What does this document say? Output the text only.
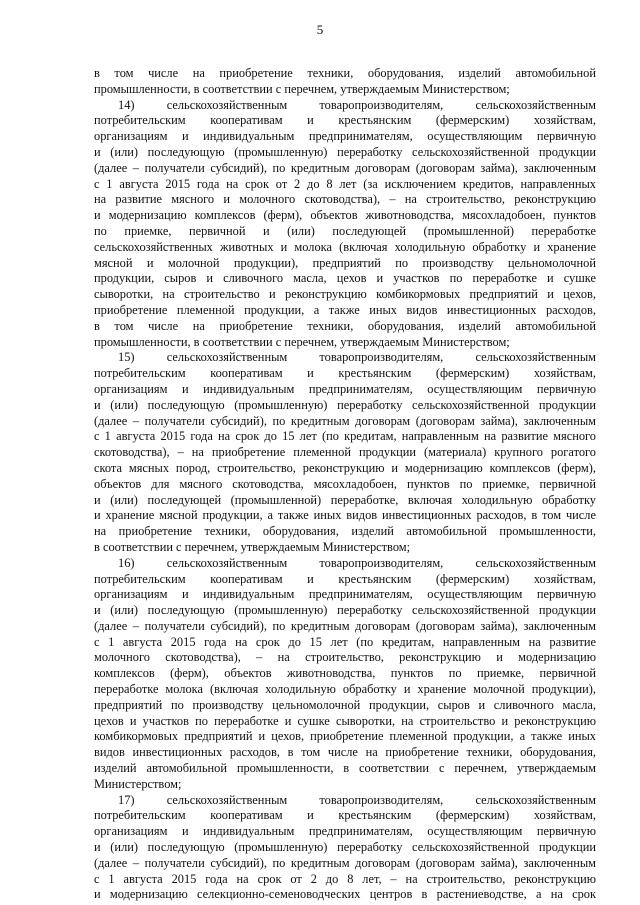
5

в том числе на приобретение техники, оборудования, изделий автомобильной
промышленности, в соответствии с перечнем, утверждаемым Министерством;

14) сельскохозяйственным товаропроизводителям, сельскохозяйственным
потребительским кооперативам и крестьянским (фермерским) хозяйствам,
организациям и индивидуальным предпринимателям, осуществляющим первичную
и (или) последующую (промышленную) переработку сельскохозяйственной продукции
(далее – получатели субсидий), по кредитным договорам (договорам займа), заключенным
с 1 августа 2015 года на срок от 2 до 8 лет (за исключением кредитов, направленных
на развитие мясного и молочного скотоводства), – на строительство, реконструкцию
и модернизацию комплексов (ферм), объектов животноводства, мясохладобоен, пунктов
по приемке, первичной и (или) последующей (промышленной) переработке
сельскохозяйственных животных и молока (включая холодильную обработку и хранение
мясной и молочной продукции), предприятий по производству цельномолочной
продукции, сыров и сливочного масла, цехов и участков по переработке и сушке
сыворотки, на строительство и реконструкцию комбикормовых предприятий и цехов,
приобретение племенной продукции, а также иных видов инвестиционных расходов,
в том числе на приобретение техники, оборудования, изделий автомобильной
промышленности, в соответствии с перечнем, утверждаемым Министерством;

15) сельскохозяйственным товаропроизводителям, сельскохозяйственным
потребительским кооперативам и крестьянским (фермерским) хозяйствам,
организациям и индивидуальным предпринимателям, осуществляющим первичную
и (или) последующую (промышленную) переработку сельскохозяйственной продукции
(далее – получатели субсидий), по кредитным договорам (договорам займа), заключенным
с 1 августа 2015 года на срок до 15 лет (по кредитам, направленным на развитие мясного
скотоводства), – на приобретение племенной продукции (материала) крупного рогатого
скота мясных пород, строительство, реконструкцию и модернизацию комплексов (ферм),
объектов для мясного скотоводства, мясохладобоен, пунктов по приемке, первичной
и (или) последующей (промышленной) переработке, включая холодильную обработку
и хранение мясной продукции, а также иных видов инвестиционных расходов, в том числе
на приобретение техники, оборудования, изделий автомобильной промышленности,
в соответствии с перечнем, утверждаемым Министерством;

16) сельскохозяйственным товаропроизводителям, сельскохозяйственным
потребительским кооперативам и крестьянским (фермерским) хозяйствам,
организациям и индивидуальным предпринимателям, осуществляющим первичную
и (или) последующую (промышленную) переработку сельскохозяйственной продукции
(далее – получатели субсидий), по кредитным договорам (договорам займа), заключенным
с 1 августа 2015 года на срок до 15 лет (по кредитам, направленным на развитие
молочного скотоводства), – на строительство, реконструкцию и модернизацию
комплексов (ферм), объектов животноводства, пунктов по приемке, первичной
переработке молока (включая холодильную обработку и хранение молочной продукции),
предприятий по производству цельномолочной продукции, сыров и сливочного масла,
цехов и участков по переработке и сушке сыворотки, на строительство и реконструкцию
комбикормовых предприятий и цехов, приобретение племенной продукции, а также иных
видов инвестиционных расходов, в том числе на приобретение техники, оборудования,
изделий автомобильной промышленности, в соответствии с перечнем, утверждаемым
Министерством;

17) сельскохозяйственным товаропроизводителям, сельскохозяйственным
потребительским кооперативам и крестьянским (фермерским) хозяйствам,
организациям и индивидуальным предпринимателям, осуществляющим первичную
и (или) последующую (промышленную) переработку сельскохозяйственной продукции
(далее – получатели субсидий), по кредитным договорам (договорам займа), заключенным
с 1 августа 2015 года на срок от 2 до 8 лет, – на строительство, реконструкцию
и модернизацию селекционно-семеноводческих центров в растениеводстве, а на срок
